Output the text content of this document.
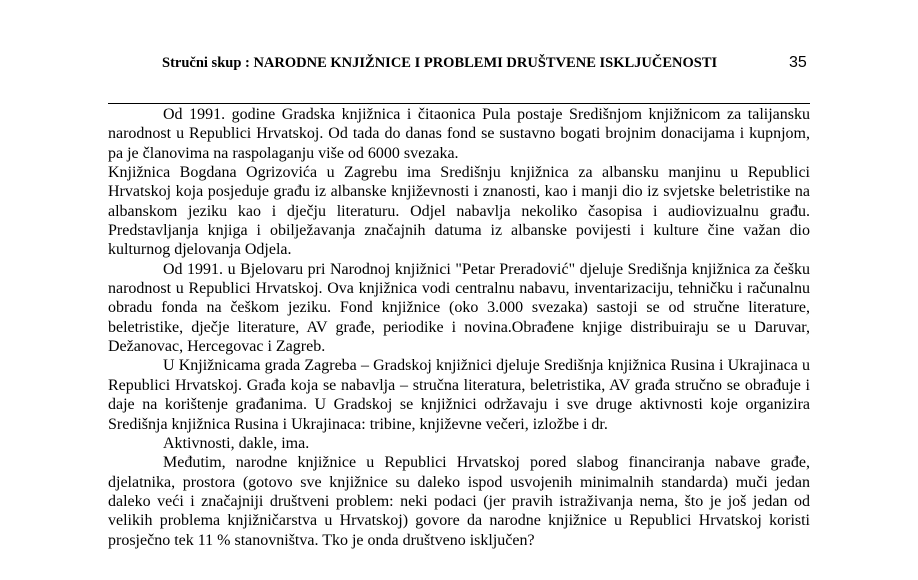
Stručni skup : NARODNE KNJIŽNICE I PROBLEMI DRUŠTVENE ISKLJUČENOSTI	35

Od 1991. godine Gradska knjižnica i čitaonica Pula postaje Središnjom knjižnicom za talijansku narodnost u Republici Hrvatskoj. Od tada do danas fond se sustavno bogati brojnim donacijama i kupnjom, pa je članovima na raspolaganju više od 6000 svezaka.

Knjižnica Bogdana Ogrizovića u Zagrebu ima Središnju knjižnica za albansku manjinu u Republici Hrvatskoj koja posjeduje građu iz albanske književnosti i znanosti, kao i manji dio iz svjetske beletristike na albanskom jeziku kao i dječju literaturu. Odjel nabavlja nekoliko časopisa i audiovizualnu građu. Predstavljanja knjiga i obilježavanja značajnih datuma iz albanske povijesti i kulture čine važan dio kulturnog djelovanja Odjela.

Od 1991. u Bjelovaru pri Narodnoj knjižnici "Petar Preradović" djeluje Središnja knjižnica za češku narodnost u Republici Hrvatskoj. Ova knjižnica vodi centralnu nabavu, inventarizaciju, tehničku i računalnu obradu fonda na češkom jeziku. Fond knjižnice (oko 3.000 svezaka) sastoji se od stručne literature, beletristike, dječje literature, AV građe, periodike i novina.Obrađene knjige distribuiraju se u Daruvar, Dežanovac, Hercegovac i Zagreb.

U Knjižnicama grada Zagreba – Gradskoj knjižnici djeluje Središnja knjižnica Rusina i Ukrajinaca u Republici Hrvatskoj. Građa koja se nabavlja – stručna literatura, beletristika, AV građa stručno se obrađuje i daje na korištenje građanima. U Gradskoj se knjižnici održavaju i sve druge aktivnosti koje organizira Središnja knjižnica Rusina i Ukrajinaca: tribine, književne večeri, izložbe i dr.

Aktivnosti, dakle, ima.

Međutim, narodne knjižnice u Republici Hrvatskoj pored slabog financiranja nabave građe, djelatnika, prostora (gotovo sve knjižnice su daleko ispod usvojenih minimalnih standarda) muči jedan daleko veći i značajniji društveni problem: neki podaci (jer pravih istraživanja nema, što je još jedan od velikih problema knjižničarstva u Hrvatskoj) govore da narodne knjižnice u Republici Hrvatskoj koristi prosječno tek 11 % stanovništva. Tko je onda društveno isključen?
